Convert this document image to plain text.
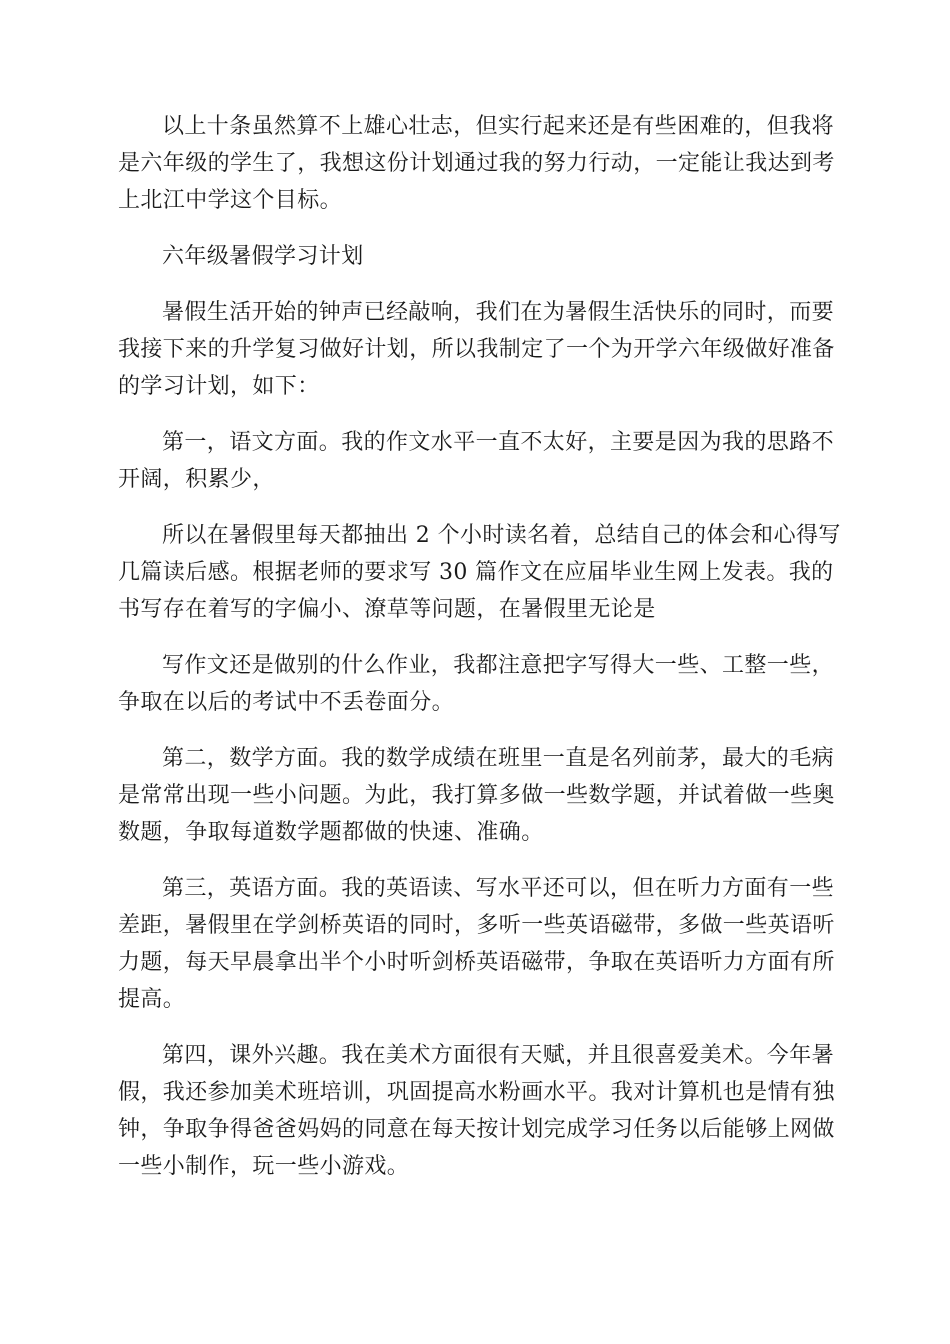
以上十条虽然算不上雄心壮志，但实行起来还是有些困难的，但我将
是六年级的学生了，我想这份计划通过我的努力行动，一定能让我达到考
上北江中学这个目标。

六年级暑假学习计划

暑假生活开始的钟声已经敲响，我们在为暑假生活快乐的同时，而要
我接下来的升学复习做好计划，所以我制定了一个为开学六年级做好准备
的学习计划，如下：

第一，语文方面。我的作文水平一直不太好，主要是因为我的思路不
开阔，积累少，

所以在暑假里每天都抽出 2 个小时读名着，总结自己的体会和心得写
几篇读后感。根据老师的要求写 30 篇作文在应届毕业生网上发表。我的
书写存在着写的字偏小、潦草等问题，在暑假里无论是

写作文还是做别的什么作业，我都注意把字写得大一些、工整一些，
争取在以后的考试中不丢卷面分。

第二，数学方面。我的数学成绩在班里一直是名列前茅，最大的毛病
是常常出现一些小问题。为此，我打算多做一些数学题，并试着做一些奥
数题，争取每道数学题都做的快速、准确。

第三，英语方面。我的英语读、写水平还可以，但在听力方面有一些
差距，暑假里在学剑桥英语的同时，多听一些英语磁带，多做一些英语听
力题，每天早晨拿出半个小时听剑桥英语磁带，争取在英语听力方面有所
提高。

第四，课外兴趣。我在美术方面很有天赋，并且很喜爱美术。今年暑
假，我还参加美术班培训，巩固提高水粉画水平。我对计算机也是情有独
钟，争取争得爸爸妈妈的同意在每天按计划完成学习任务以后能够上网做
一些小制作，玩一些小游戏。
